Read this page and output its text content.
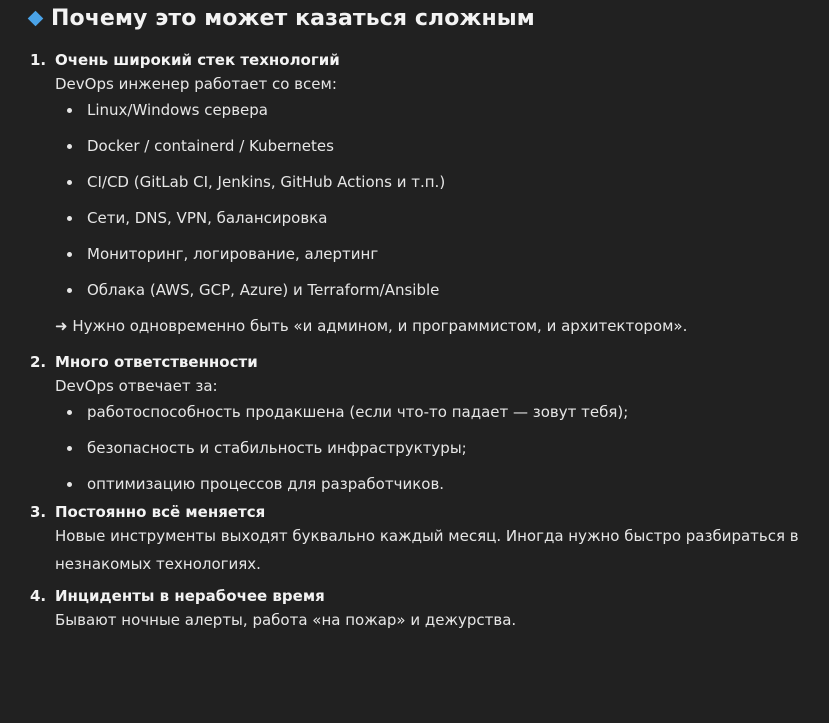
Почему это может казаться сложным
1. Очень широкий стек технологий
DevOps инженер работает со всем:
Linux/Windows сервера
Docker / containerd / Kubernetes
CI/CD (GitLab CI, Jenkins, GitHub Actions и т.п.)
Сети, DNS, VPN, балансировка
Мониторинг, логирование, алертинг
Облака (AWS, GCP, Azure) и Terraform/Ansible
➜ Нужно одновременно быть «и админом, и программистом, и архитектором».
2. Много ответственности
DevOps отвечает за:
работоспособность продакшена (если что-то падает — зовут тебя);
безопасность и стабильность инфраструктуры;
оптимизацию процессов для разработчиков.
3. Постоянно всё меняется
Новые инструменты выходят буквально каждый месяц. Иногда нужно быстро разбираться в незнакомых технологиях.
4. Инциденты в нерабочее время
Бывают ночные алерты, работа «на пожар» и дежурства.
